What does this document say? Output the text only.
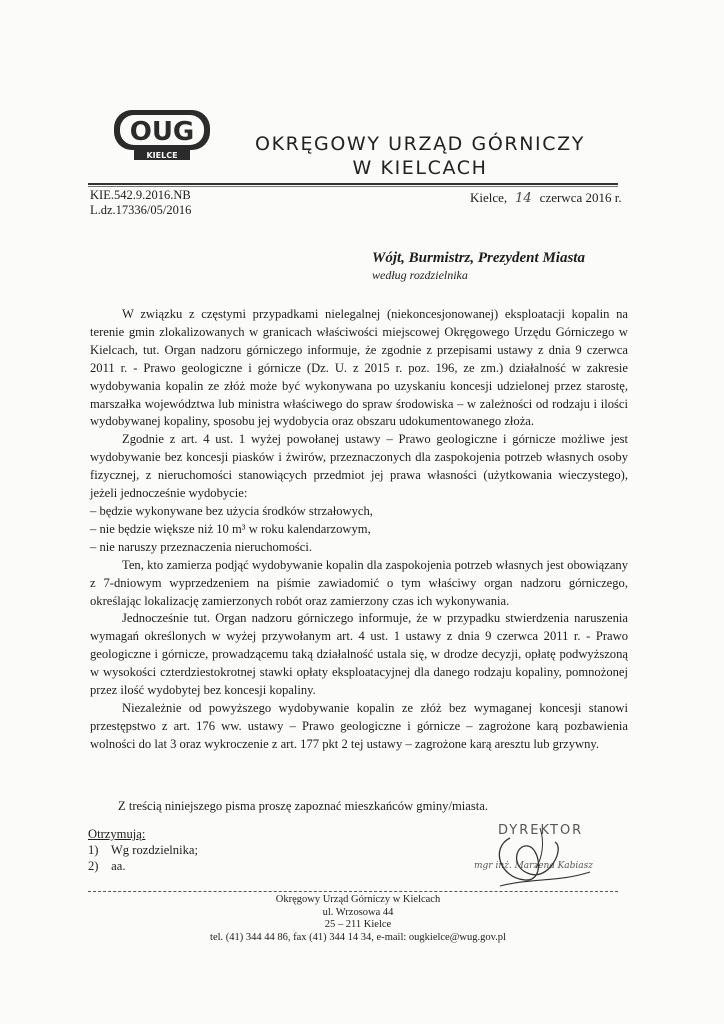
OUG
KIELCE
OKRĘGOWY URZĄD GÓRNICZY
W KIELCACH
KIE.542.9.2016.NB
L.dz.17336/05/2016
Kielce, 14 czerwca 2016 r.
Wójt, Burmistrz, Prezydent Miasta
według rozdzielnika

W związku z częstymi przypadkami nielegalnej (niekoncesjonowanej) eksploatacji kopalin na terenie gmin zlokalizowanych w granicach właściwości miejscowej Okręgowego Urzędu Górniczego w Kielcach, tut. Organ nadzoru górniczego informuje, że zgodnie z przepisami ustawy z dnia 9 czerwca 2011 r. - Prawo geologiczne i górnicze (Dz. U. z 2015 r. poz. 196, ze zm.) działalność w zakresie wydobywania kopalin ze złóż może być wykonywana po uzyskaniu koncesji udzielonej przez starostę, marszałka województwa lub ministra właściwego do spraw środowiska – w zależności od rodzaju i ilości wydobywanej kopaliny, sposobu jej wydobycia oraz obszaru udokumentowanego złoża.

Zgodnie z art. 4 ust. 1 wyżej powołanej ustawy – Prawo geologiczne i górnicze możliwe jest wydobywanie bez koncesji piasków i żwirów, przeznaczonych dla zaspokojenia potrzeb własnych osoby fizycznej, z nieruchomości stanowiących przedmiot jej prawa własności (użytkowania wieczystego), jeżeli jednocześnie wydobycie:

– będzie wykonywane bez użycia środków strzałowych,
– nie będzie większe niż 10 m³ w roku kalendarzowym,
– nie naruszy przeznaczenia nieruchomości.

Ten, kto zamierza podjąć wydobywanie kopalin dla zaspokojenia potrzeb własnych jest obowiązany z 7-dniowym wyprzedzeniem na piśmie zawiadomić o tym właściwy organ nadzoru górniczego, określając lokalizację zamierzonych robót oraz zamierzony czas ich wykonywania.

Jednocześnie tut. Organ nadzoru górniczego informuje, że w przypadku stwierdzenia naruszenia wymagań określonych w wyżej przywołanym art. 4 ust. 1 ustawy z dnia 9 czerwca 2011 r. - Prawo geologiczne i górnicze, prowadzącemu taką działalność ustala się, w drodze decyzji, opłatę podwyższoną w wysokości czterdziestokrotnej stawki opłaty eksploatacyjnej dla danego rodzaju kopaliny, pomnożonej przez ilość wydobytej bez koncesji kopaliny.

Niezależnie od powyższego wydobywanie kopalin ze złóż bez wymaganej koncesji stanowi przestępstwo z art. 176 ww. ustawy – Prawo geologiczne i górnicze – zagrożone karą pozbawienia wolności do lat 3 oraz wykroczenie z art. 177 pkt 2 tej ustawy – zagrożone karą aresztu lub grzywny.

Z treścią niniejszego pisma proszę zapoznać mieszkańców gminy/miasta.
Otrzymują:
1) Wg rozdzielnika;
2) aa.
DYREKTOR
mgr inż. Marzena Kabiasz
Okręgowy Urząd Górniczy w Kielcach
ul. Wrzosowa 44
25 – 211 Kielce
tel. (41) 344 44 86, fax (41) 344 14 34, e-mail: ougkielce@wug.gov.pl
